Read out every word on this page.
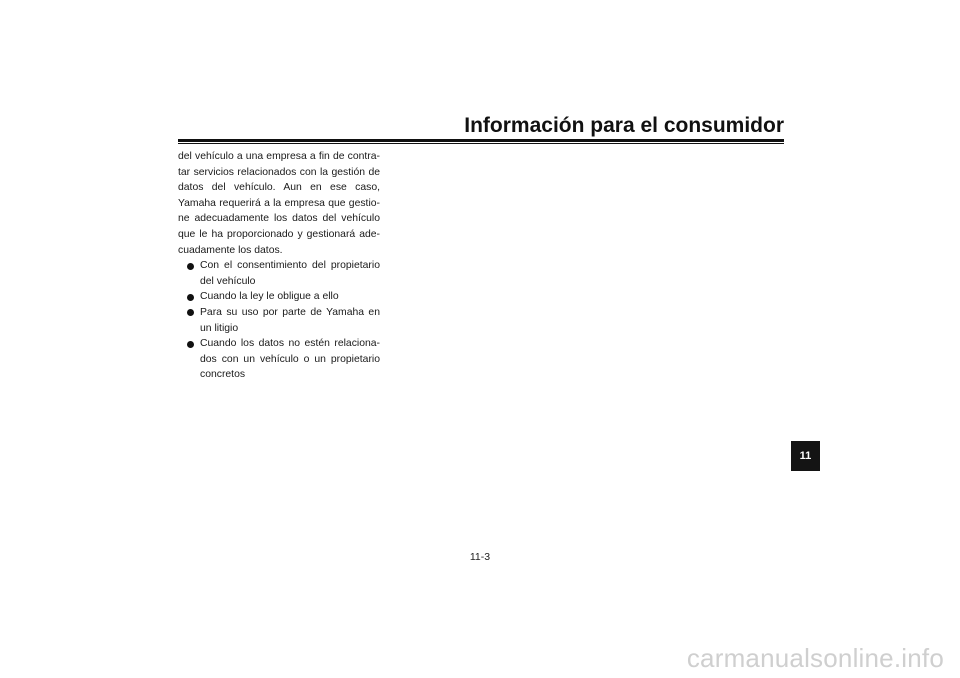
Información para el consumidor
del vehículo a una empresa a fin de contra-
tar servicios relacionados con la gestión de
datos del vehículo. Aun en ese caso,
Yamaha requerirá a la empresa que gestio-
ne adecuadamente los datos del vehículo
que le ha proporcionado y gestionará ade-
cuadamente los datos.
Con el consentimiento del propietario
del vehículo
Cuando la ley le obligue a ello
Para su uso por parte de Yamaha en
un litigio
Cuando los datos no estén relaciona-
dos con un vehículo o un propietario
concretos
11
11-3
carmanualsonline.info
